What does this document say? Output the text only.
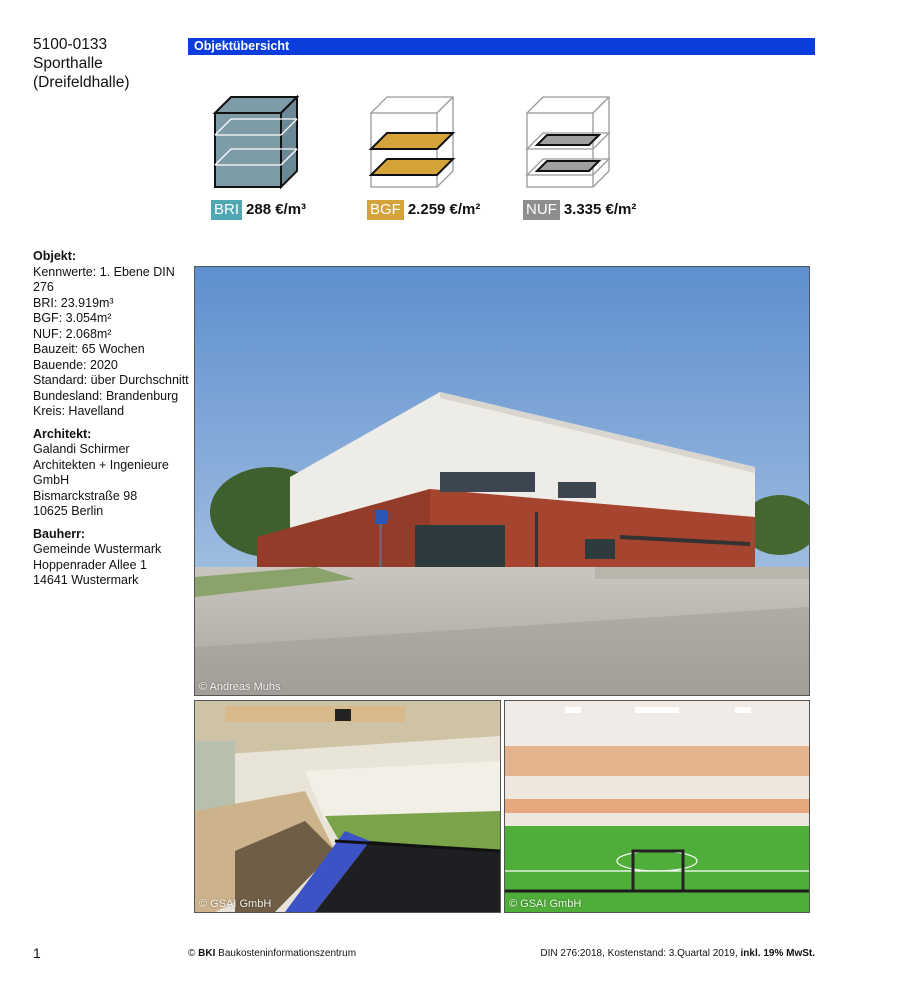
5100-0133
Sporthalle
(Dreifeldhalle)
Objektübersicht
BRI 288 €/m³	BGF 2.259 €/m²	NUF 3.335 €/m²
Objekt:
Kennwerte: 1. Ebene DIN 276
BRI: 23.919m³
BGF: 3.054m²
NUF: 2.068m²
Bauzeit: 65 Wochen
Bauende: 2020
Standard: über Durchschnitt
Bundesland: Brandenburg
Kreis: Havelland
Architekt:
Galandi Schirmer
Architekten + Ingenieure
GmbH
Bismarckstraße 98
10625 Berlin
Bauherr:
Gemeinde Wustermark
Hoppenrader Allee 1
14641 Wustermark
© Andreas Muhs
© GSAI GmbH	© GSAI GmbH
1	© BKI Baukosteninformationszentrum	DIN 276:2018, Kostenstand: 3.Quartal 2019, inkl. 19% MwSt.
